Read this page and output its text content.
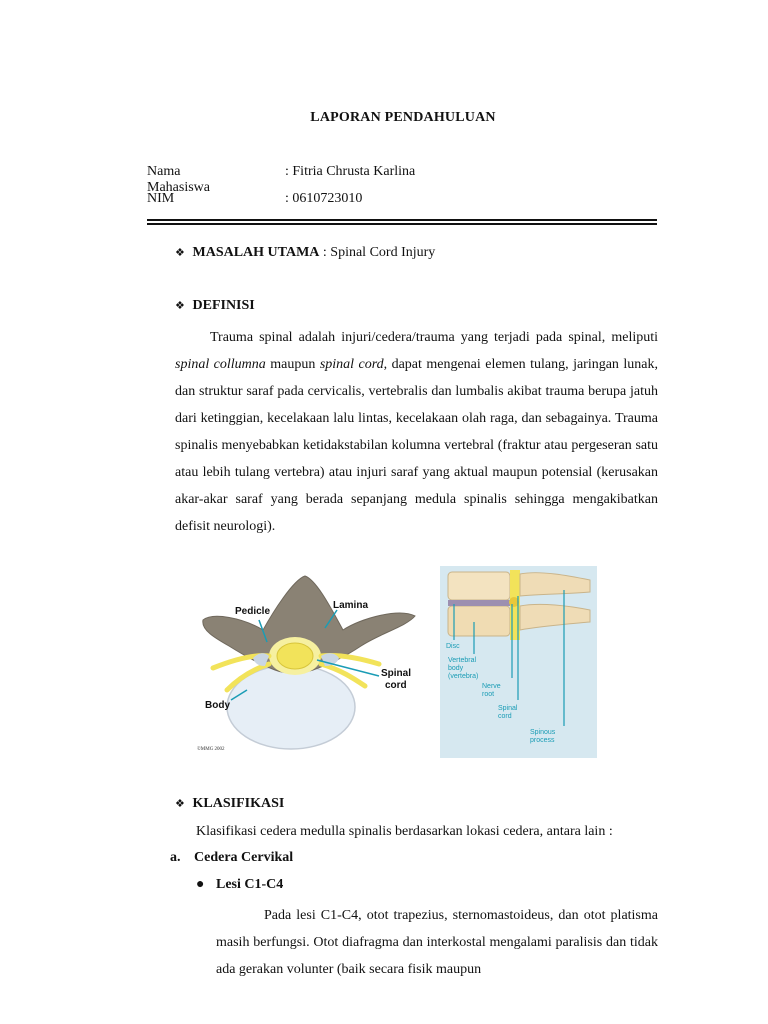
LAPORAN PENDAHULUAN
Nama Mahasiswa
: Fitria Chrusta Karlina
NIM	: 0610723010
❖ MASALAH UTAMA : Spinal Cord Injury
❖ DEFINISI
Trauma spinal adalah injuri/cedera/trauma yang terjadi pada spinal, meliputi spinal collumna maupun spinal cord, dapat mengenai elemen tulang, jaringan lunak, dan struktur saraf pada cervicalis, vertebralis dan lumbalis akibat trauma berupa jatuh dari ketinggian, kecelakaan lalu lintas, kecelakaan olah raga, dan sebagainya. Trauma spinalis menyebabkan ketidakstabilan kolumna vertebral (fraktur atau pergeseran satu atau lebih tulang vertebra) atau injuri saraf yang aktual maupun potensial (kerusakan akar-akar saraf yang berada sepanjang medula spinalis sehingga mengakibatkan defisit neurologi).
Pedicle
Lamina
Spinal
cord
Body
©MMG 2002
Disc
Vertebral
body
(vertebra)
Nerve
root
Spinal
cord
Spinous
process
❖ KLASIFIKASI
Klasifikasi cedera medulla spinalis berdasarkan lokasi cedera, antara lain :
a. Cedera Cervikal
● Lesi C1-C4
Pada lesi C1-C4, otot trapezius, sternomastoideus, dan otot platisma masih berfungsi. Otot diafragma dan interkostal mengalami paralisis dan tidak ada gerakan volunter (baik secara fisik maupun
